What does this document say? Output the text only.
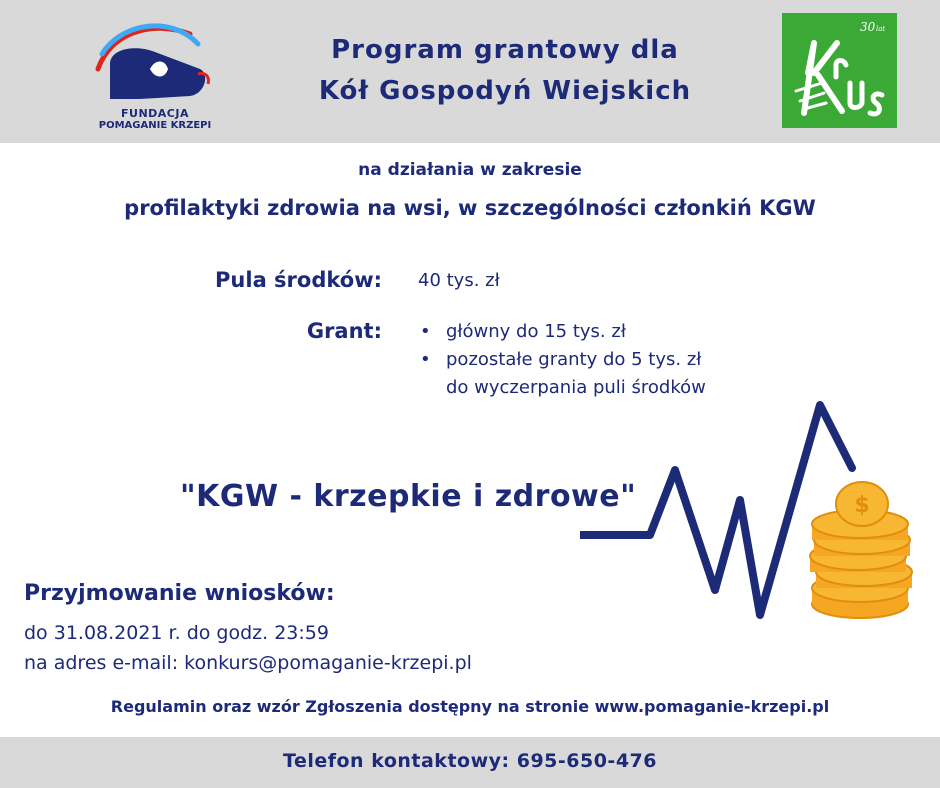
FUNDACJA
POMAGANIE KRZEPI
Program grantowy dla
Kół Gospodyń Wiejskich
30 lat
na działania w zakresie
profilaktyki zdrowia na wsi, w szczególności członkiń KGW
Pula środków: 40 tys. zł
Grant: • główny do 15 tys. zł
• pozostałe granty do 5 tys. zł
do wyczerpania puli środków
"KGW - krzepkie i zdrowe"	$
Przyjmowanie wniosków:
do 31.08.2021 r. do godz. 23:59
na adres e-mail: konkurs@pomaganie-krzepi.pl
Regulamin oraz wzór Zgłoszenia dostępny na stronie www.pomaganie-krzepi.pl
Telefon kontaktowy: 695-650-476
